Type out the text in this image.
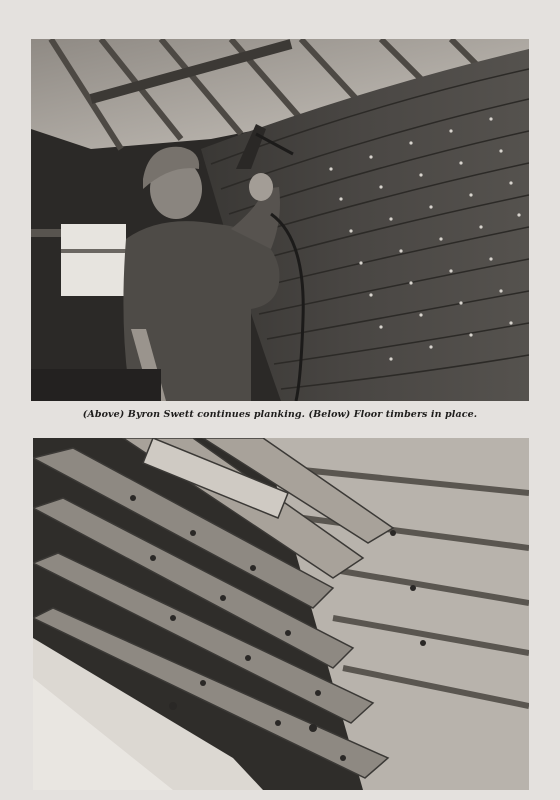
(Above) Byron Swett continues planking. (Below) Floor timbers in place.
